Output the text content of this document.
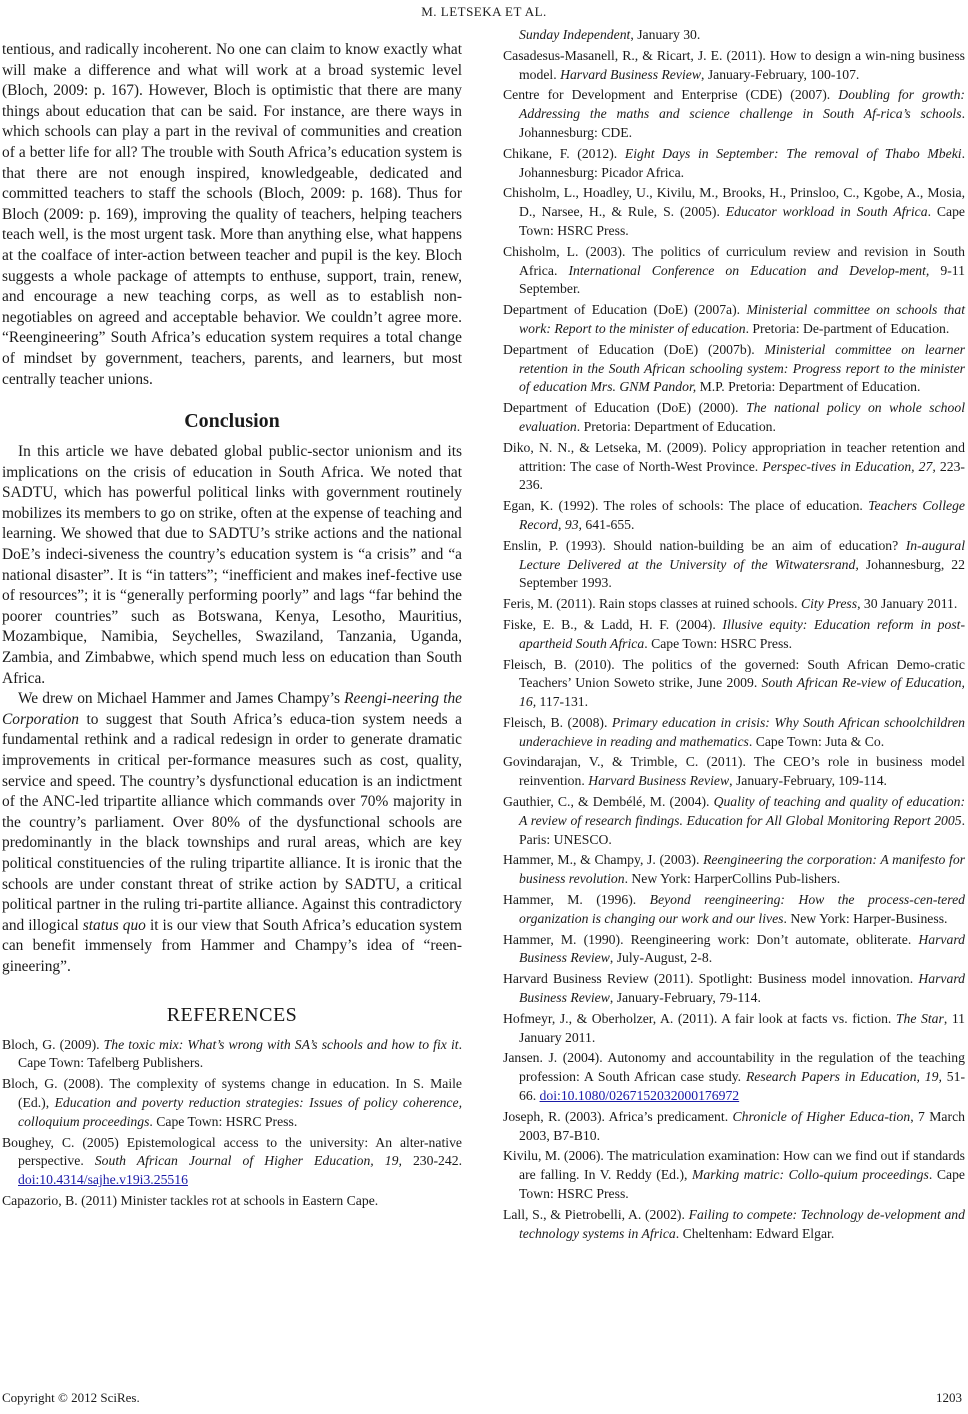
M. LETSEKA ET AL.

tentious, and radically incoherent. No one can claim to know exactly what will make a difference and what will work at a broad systemic level (Bloch, 2009: p. 167). However, Bloch is optimistic that there are many things about education that can be said. For instance, are there ways in which schools can play a part in the revival of communities and creation of a better life for all? The trouble with South Africa’s education system is that there are not enough inspired, knowledgeable, dedicated and committed teachers to staff the schools (Bloch, 2009: p. 168). Thus for Bloch (2009: p. 169), improving the quality of teachers, helping teachers teach well, is the most urgent task. More than anything else, what happens at the coalface of inter-action between teacher and pupil is the key. Bloch suggests a whole package of attempts to enthuse, support, train, renew, and encourage a new teaching corps, as well as to establish non-negotiables on agreed and acceptable behavior. We couldn’t agree more. “Reengineering” South Africa’s education system requires a total change of mindset by government, teachers, parents, and learners, but most centrally teacher unions.

Conclusion

In this article we have debated global public-sector unionism and its implications on the crisis of education in South Africa. We noted that SADTU, which has powerful political links with government routinely mobilizes its members to go on strike, often at the expense of teaching and learning. We showed that due to SADTU’s strike actions and the national DoE’s indeci-siveness the country’s education system is “a crisis” and “a national disaster”. It is “in tatters”; “inefficient and makes inef-fective use of resources”; it is “generally performing poorly” and lags “far behind the poorer countries” such as Botswana, Kenya, Lesotho, Mauritius, Mozambique, Namibia, Seychelles, Swaziland, Tanzania, Uganda, Zambia, and Zimbabwe, which spend much less on education than South Africa.

We drew on Michael Hammer and James Champy’s Reengi-neering the Corporation to suggest that South Africa’s educa-tion system needs a fundamental rethink and a radical redesign in order to generate dramatic improvements in critical per-formance measures such as cost, quality, service and speed. The country’s dysfunctional education is an indictment of the ANC-led tripartite alliance which commands over 70% majority in the country’s parliament. Over 80% of the dysfunctional schools are predominantly in the black townships and rural areas, which are key political constituencies of the ruling tripartite alliance. It is ironic that the schools are under constant threat of strike action by SADTU, a critical political partner in the ruling tri-partite alliance. Against this contradictory and illogical status quo it is our view that South Africa’s education system can benefit immensely from Hammer and Champy’s idea of “reen-gineering”.

REFERENCES

Bloch, G. (2009). The toxic mix: What’s wrong with SA’s schools and how to fix it. Cape Town: Tafelberg Publishers.

Bloch, G. (2008). The complexity of systems change in education. In S. Maile (Ed.), Education and poverty reduction strategies: Issues of policy coherence, colloquium proceedings. Cape Town: HSRC Press.

Boughey, C. (2005) Epistemological access to the university: An alter-native perspective. South African Journal of Higher Education, 19, 230-242. doi:10.4314/sajhe.v19i3.25516

Capazorio, B. (2011) Minister tackles rot at schools in Eastern Cape.

Sunday Independent, January 30.

Casadesus-Masanell, R., & Ricart, J. E. (2011). How to design a win-ning business model. Harvard Business Review, January-February, 100-107.

Centre for Development and Enterprise (CDE) (2007). Doubling for growth: Addressing the maths and science challenge in South Af-rica’s schools. Johannesburg: CDE.

Chikane, F. (2012). Eight Days in September: The removal of Thabo Mbeki. Johannesburg: Picador Africa.

Chisholm, L., Hoadley, U., Kivilu, M., Brooks, H., Prinsloo, C., Kgobe, A., Mosia, D., Narsee, H., & Rule, S. (2005). Educator workload in South Africa. Cape Town: HSRC Press.

Chisholm, L. (2003). The politics of curriculum review and revision in South Africa. International Conference on Education and Develop-ment, 9-11 September.

Department of Education (DoE) (2007a). Ministerial committee on schools that work: Report to the minister of education. Pretoria: De-partment of Education.

Department of Education (DoE) (2007b). Ministerial committee on learner retention in the South African schooling system: Progress report to the minister of education Mrs. GNM Pandor, M.P. Pretoria: Department of Education.

Department of Education (DoE) (2000). The national policy on whole school evaluation. Pretoria: Department of Education.

Diko, N. N., & Letseka, M. (2009). Policy appropriation in teacher retention and attrition: The case of North-West Province. Perspec-tives in Education, 27, 223-236.

Egan, K. (1992). The roles of schools: The place of education. Teachers College Record, 93, 641-655.

Enslin, P. (1993). Should nation-building be an aim of education? In-augural Lecture Delivered at the University of the Witwatersrand, Johannesburg, 22 September 1993.

Feris, M. (2011). Rain stops classes at ruined schools. City Press, 30 January 2011.

Fiske, E. B., & Ladd, H. F. (2004). Illusive equity: Education reform in post-apartheid South Africa. Cape Town: HSRC Press.

Fleisch, B. (2010). The politics of the governed: South African Demo-cratic Teachers’ Union Soweto strike, June 2009. South African Re-view of Education, 16, 117-131.

Fleisch, B. (2008). Primary education in crisis: Why South African schoolchildren underachieve in reading and mathematics. Cape Town: Juta & Co.

Govindarajan, V., & Trimble, C. (2011). The CEO’s role in business model reinvention. Harvard Business Review, January-February, 109-114.

Gauthier, C., & Dembélé, M. (2004). Quality of teaching and quality of education: A review of research findings. Education for All Global Monitoring Report 2005. Paris: UNESCO.

Hammer, M., & Champy, J. (2003). Reengineering the corporation: A manifesto for business revolution. New York: HarperCollins Pub-lishers.

Hammer, M. (1996). Beyond reengineering: How the process-cen-tered organization is changing our work and our lives. New York: Harper-Business.

Hammer, M. (1990). Reengineering work: Don’t automate, obliterate. Harvard Business Review, July-August, 2-8.

Harvard Business Review (2011). Spotlight: Business model innovation. Harvard Business Review, January-February, 79-114.

Hofmeyr, J., & Oberholzer, A. (2011). A fair look at facts vs. fiction. The Star, 11 January 2011.

Jansen. J. (2004). Autonomy and accountability in the regulation of the teaching profession: A South African case study. Research Papers in Education, 19, 51-66. doi:10.1080/0267152032000176972

Joseph, R. (2003). Africa’s predicament. Chronicle of Higher Educa-tion, 7 March 2003, B7-B10.

Kivilu, M. (2006). The matriculation examination: How can we find out if standards are falling. In V. Reddy (Ed.), Marking matric: Collo-quium proceedings. Cape Town: HSRC Press.

Lall, S., & Pietrobelli, A. (2002). Failing to compete: Technology de-velopment and technology systems in Africa. Cheltenham: Edward Elgar.

Copyright © 2012 SciRes.	1203
